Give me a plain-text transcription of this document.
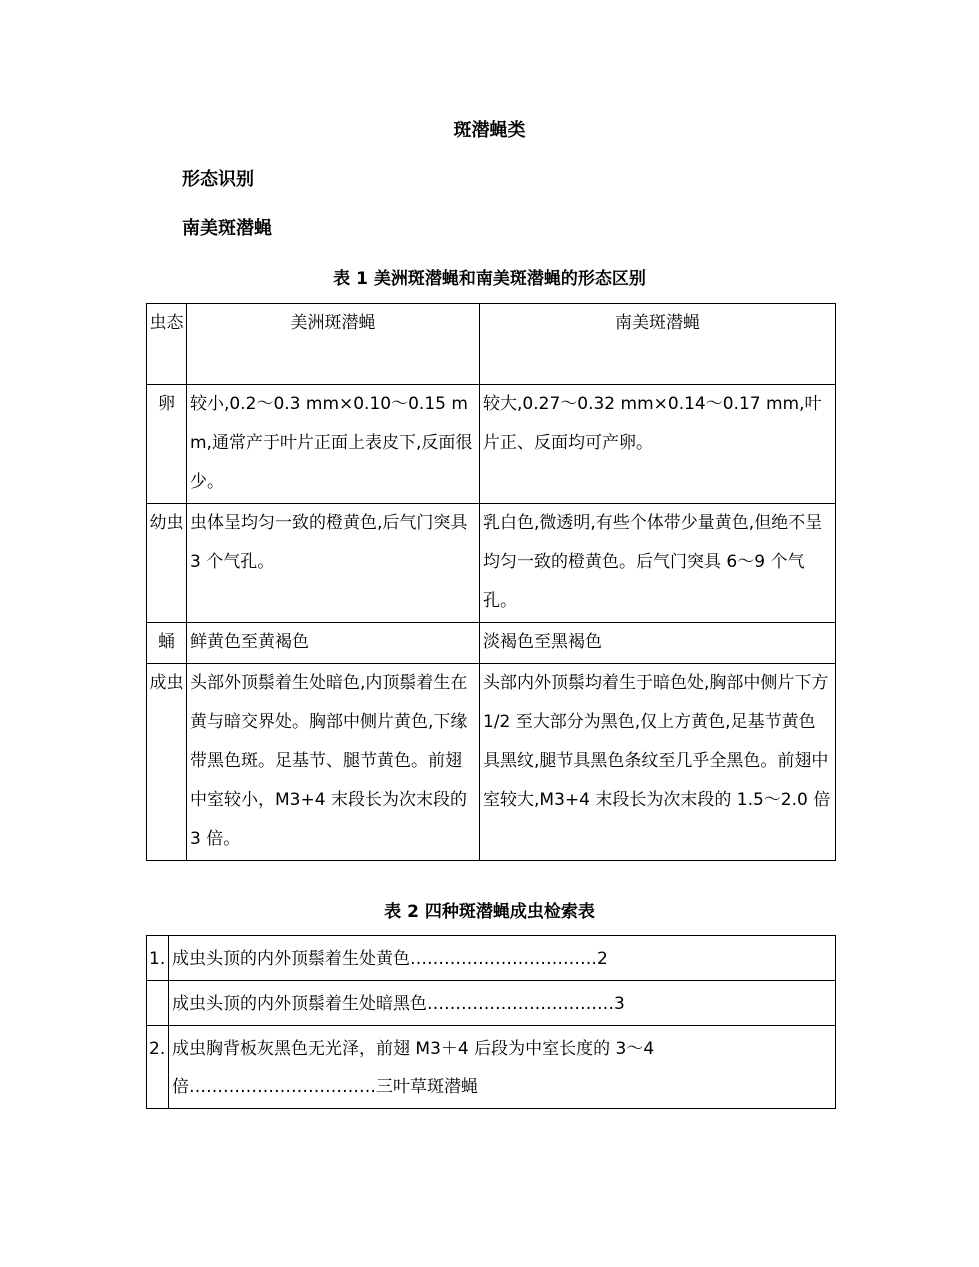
斑潜蝇类
形态识别
南美斑潜蝇
表 1 美洲斑潜蝇和南美斑潜蝇的形态区别
虫态	美洲斑潜蝇	南美斑潜蝇
卵	较小,0.2～0.3 mm×0.10～0.15 mm,通常产于叶片正面上表皮下,反面很少。	较大,0.27～0.32 mm×0.14～0.17 mm,叶片正、反面均可产卵。
幼虫	虫体呈均匀一致的橙黄色,后气门突具 3 个气孔。	乳白色,微透明,有些个体带少量黄色,但绝不呈均匀一致的橙黄色。后气门突具 6～9 个气孔。
蛹	鲜黄色至黄褐色	淡褐色至黑褐色
成虫	头部外顶鬃着生处暗色,内顶鬃着生在黄与暗交界处。胸部中侧片黄色,下缘带黑色斑。足基节、腿节黄色。前翅中室较小，M3+4 末段长为次末段的 3 倍。	头部内外顶鬃均着生于暗色处,胸部中侧片下方 1/2 至大部分为黑色,仅上方黄色,足基节黄色具黑纹,腿节具黑色条纹至几乎全黑色。前翅中室较大,M3+4 末段长为次末段的 1.5～2.0 倍
表 2 四种斑潜蝇成虫检索表
1.	成虫头顶的内外顶鬃着生处黄色……………………………2
	成虫头顶的内外顶鬃着生处暗黑色……………………………3
2.	成虫胸背板灰黑色无光泽，前翅 M3＋4 后段为中室长度的 3～4 倍……………………………三叶草斑潜蝇
